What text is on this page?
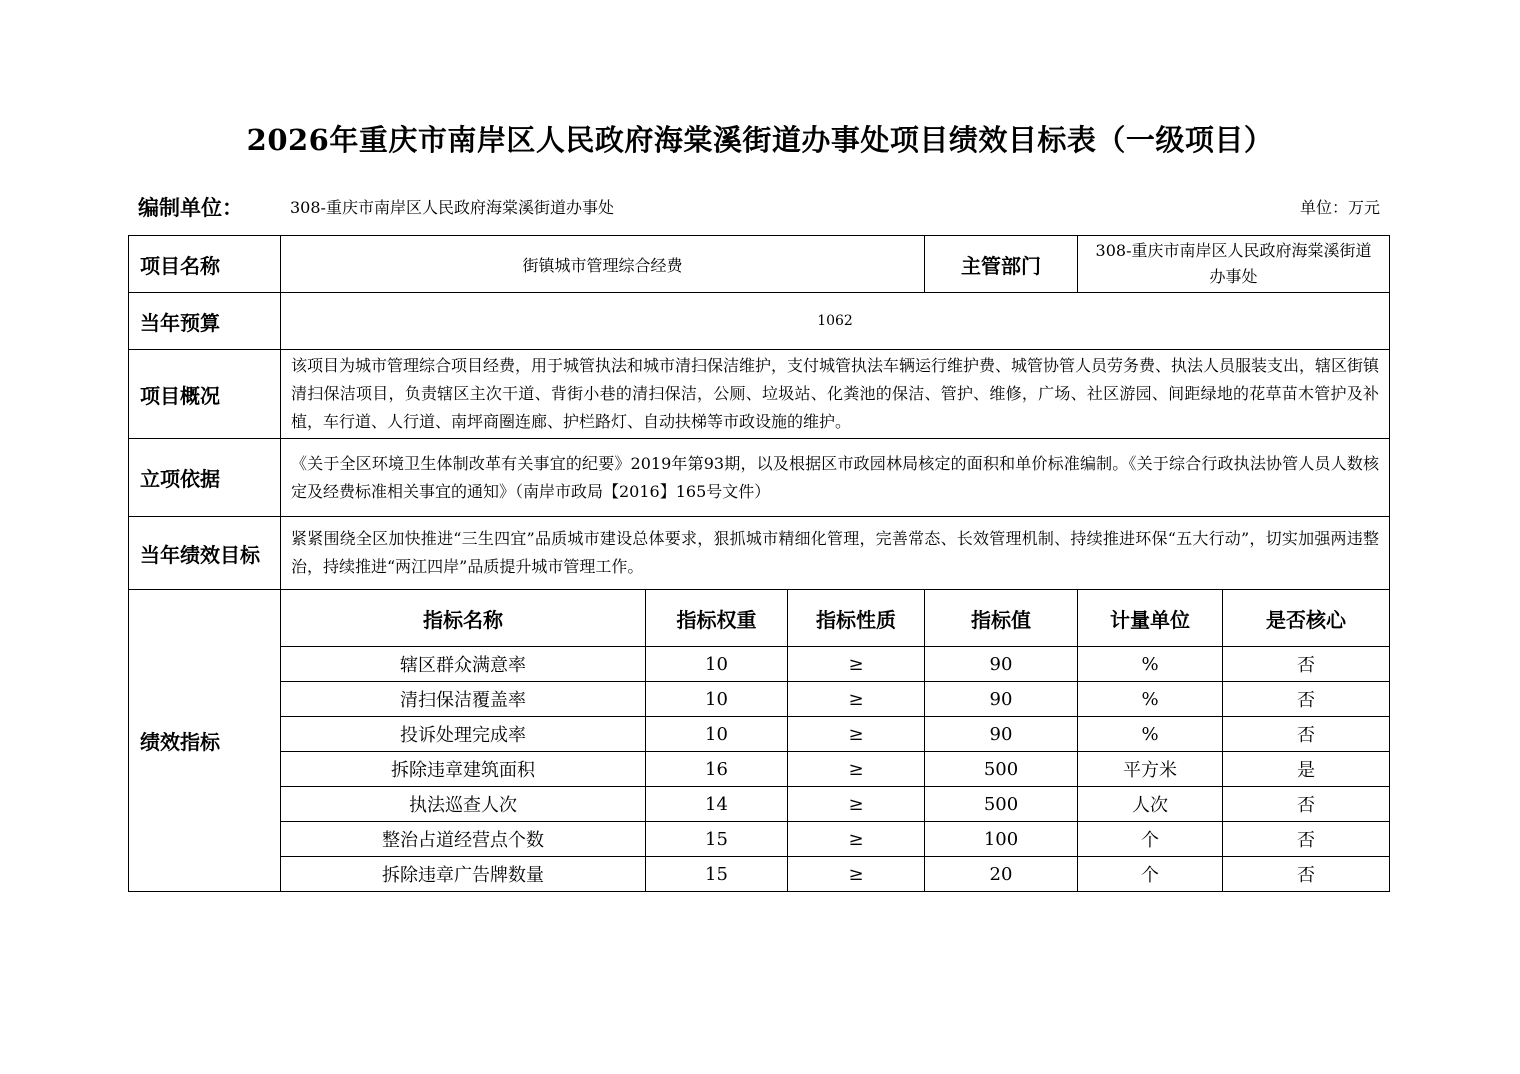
2026年重庆市南岸区人民政府海棠溪街道办事处项目绩效目标表（一级项目）
编制单位：	308-重庆市南岸区人民政府海棠溪街道办事处	单位：万元
项目名称	街镇城市管理综合经费			主管部门	308-重庆市南岸区人民政府海棠溪街道办事处	
当年预算	1062					
项目概况	该项目为城市管理综合项目经费，用于城管执法和城市清扫保洁维护，支付城管执法车辆运行维护费、城管协管人员劳务费、执法人员服装支出，辖区街镇清扫保洁项目，负责辖区主次干道、背街小巷的清扫保洁，公厕、垃圾站、化粪池的保洁、管护、维修，广场、社区游园、间距绿地的花草苗木管护及补植，车行道、人行道、南坪商圈连廊、护栏路灯、自动扶梯等市政设施的维护。					
立项依据	《关于全区环境卫生体制改革有关事宜的纪要》2019年第93期，以及根据区市政园林局核定的面积和单价标准编制。《关于综合行政执法协管人员人数核定及经费标准相关事宜的通知》（南岸市政局【2016】165号文件）					
当年绩效目标	紧紧围绕全区加快推进“三生四宜”品质城市建设总体要求，狠抓城市精细化管理，完善常态、长效管理机制、持续推进环保“五大行动”，切实加强两违整治，持续推进“两江四岸”品质提升城市管理工作。					
绩效指标	指标名称	指标权重	指标性质	指标值	计量单位	是否核心
	辖区群众满意率	10	≥	90	%	否
	清扫保洁覆盖率	10	≥	90	%	否
	投诉处理完成率	10	≥	90	%	否
	拆除违章建筑面积	16	≥	500	平方米	是
	执法巡查人次	14	≥	500	人次	否
	整治占道经营点个数	15	≥	100	个	否
	拆除违章广告牌数量	15	≥	20	个	否
